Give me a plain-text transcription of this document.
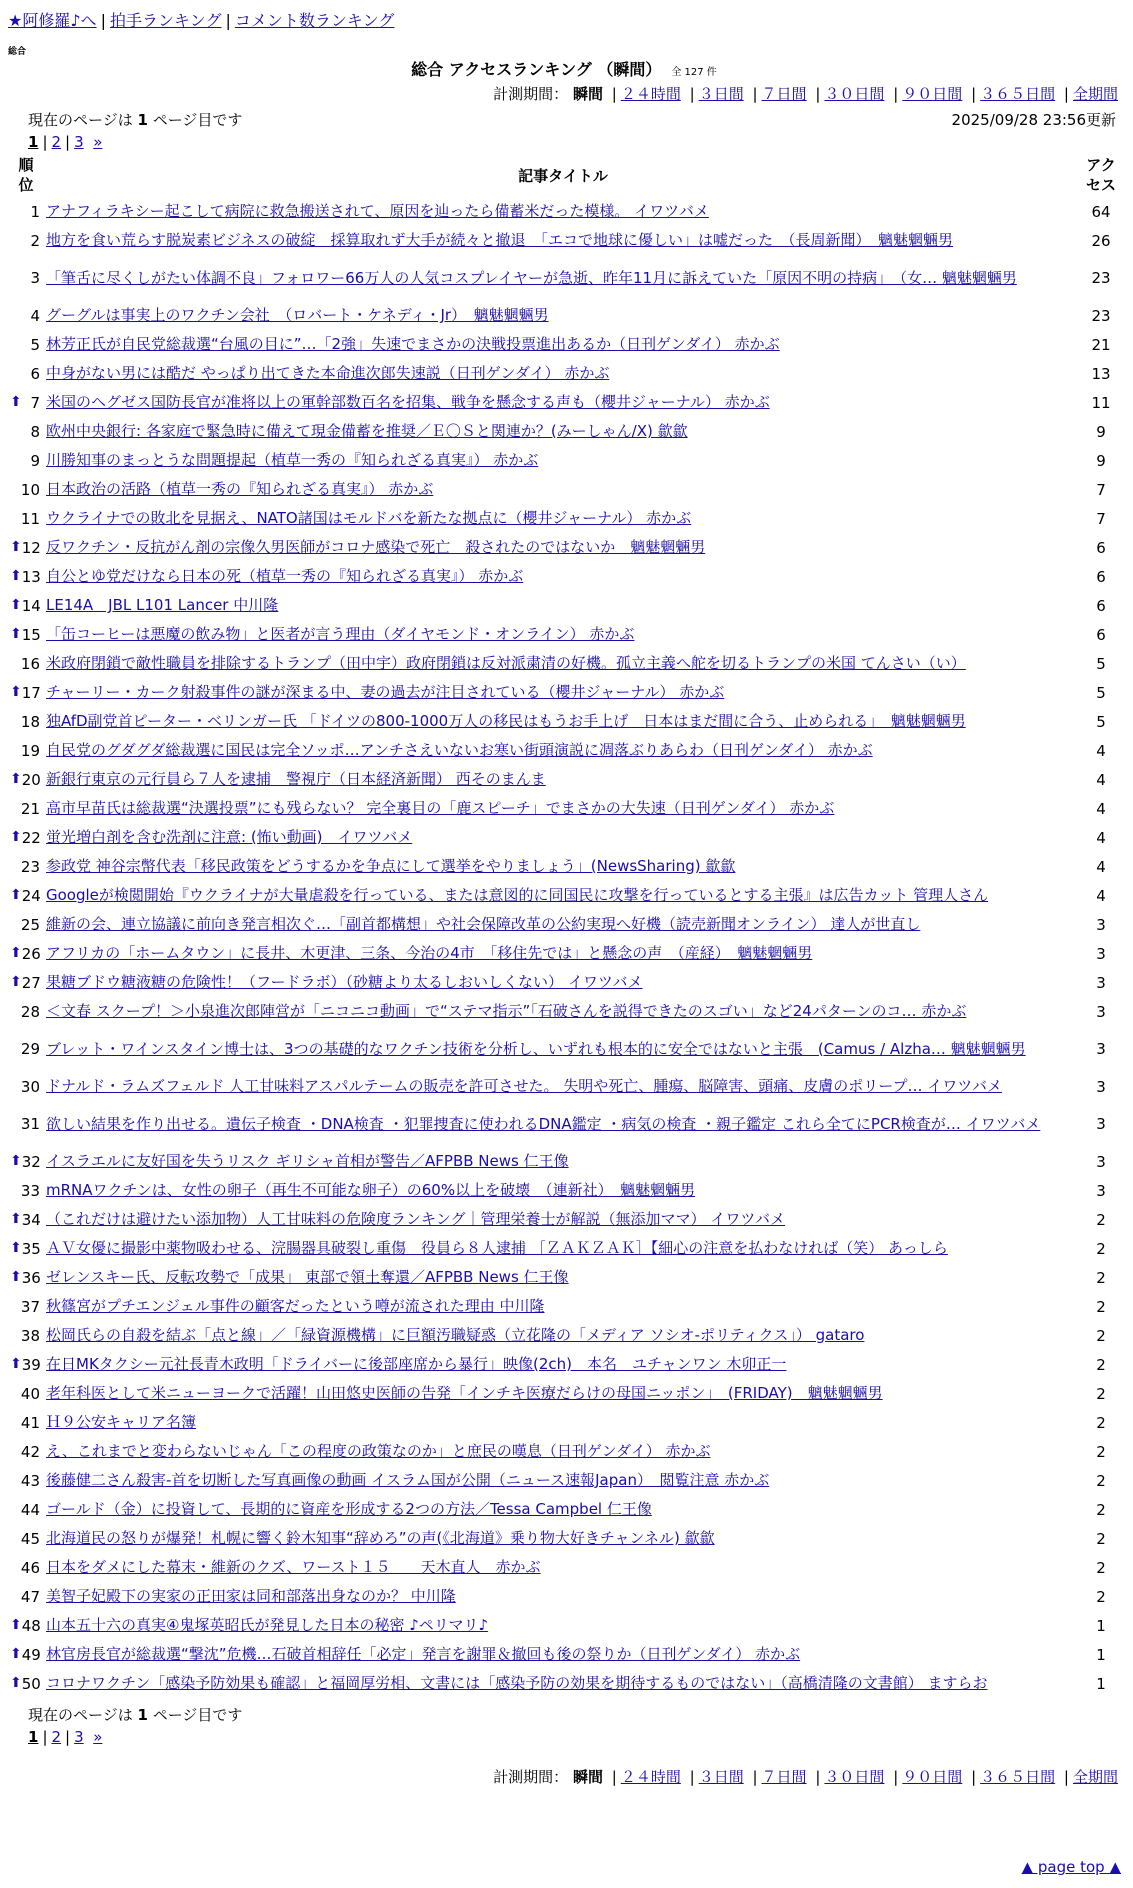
★阿修羅♪へ | 拍手ランキング | コメント数ランキング
総合
総合 アクセスランキング （瞬間） 全 127 件
計測期間： 瞬間 | ２４時間 | ３日間 | ７日間 | ３０日間 | ９０日間 | ３６５日間 | 全期間
現在のページは 1 ページ目です	2025/09/28 23:56更新
1 | 2 | 3 »
順位	記事タイトル	アクセス
1	アナフィラキシー起こして病院に救急搬送されて、原因を辿ったら備蓄米だった模様。 イワツバメ	64
2	地方を食い荒らす脱炭素ビジネスの破綻　採算取れず大手が続々と撤退　「エコで地球に優しい」は嘘だった　（長周新聞）　魑魅魍魎男	26
3	「筆舌に尽くしがたい体調不良」フォロワー66万人の人気コスプレイヤーが急逝、昨年11月に訴えていた「原因不明の持病」　（女… 魑魅魍魎男	23
4	グーグルは事実上のワクチン会社　（ロバート・ケネディ・Jr）　魑魅魍魎男	23
5	林芳正氏が自民党総裁選“台風の目に”…「2強」失速でまさかの決戦投票進出あるか（日刊ゲンダイ） 赤かぶ	21
6	中身がない男には酷だ やっぱり出てきた本命進次郎失速説（日刊ゲンダイ） 赤かぶ	13

⬆ 7	米国のヘグゼス国防長官が准将以上の軍幹部数百名を招集、戦争を懸念する声も（櫻井ジャーナル） 赤かぶ	11
8	欧州中央銀行: 各家庭で緊急時に備えて現金備蓄を推奨／Ｅ〇Ｓと関連か？(みーしゃん/X) 歙歙	9
9	川勝知事のまっとうな問題提起（植草一秀の『知られざる真実』） 赤かぶ	9
10	日本政治の活路（植草一秀の『知られざる真実』） 赤かぶ	7
11	ウクライナでの敗北を見据え、NATO諸国はモルドバを新たな拠点に（櫻井ジャーナル） 赤かぶ	7

⬆ 12	反ワクチン・反抗がん剤の宗像久男医師がコロナ感染で死亡　殺されたのではないか　魑魅魍魎男	6

⬆ 13	自公とゆ党だけなら日本の死（植草一秀の『知られざる真実』） 赤かぶ	6

⬆ 14	LE14A　JBL L101 Lancer 中川隆	6

⬆ 15	「缶コーヒーは悪魔の飲み物」と医者が言う理由（ダイヤモンド・オンライン） 赤かぶ	6
16	米政府閉鎖で敵性職員を排除するトランプ（田中宇）政府閉鎖は反対派粛清の好機。孤立主義へ舵を切るトランプの米国 てんさい（い）	5

⬆ 17	チャーリー・カーク射殺事件の謎が深まる中、妻の過去が注目されている（櫻井ジャーナル） 赤かぶ	5
18	独AfD副党首ピーター・ベリンガー氏 「ドイツの800-1000万人の移民はもうお手上げ　日本はまだ間に合う、止められる」　魑魅魍魎男	5
19	自民党のグダグダ総裁選に国民は完全ソッポ…アンチさえいないお寒い街頭演説に凋落ぶりあらわ（日刊ゲンダイ） 赤かぶ	4

⬆ 20	新銀行東京の元行員ら７人を逮捕　警視庁（日本経済新聞） 西そのまんま	4
21	高市早苗氏は総裁選“決選投票”にも残らない？ 完全裏目の「鹿スピーチ」でまさかの大失速（日刊ゲンダイ） 赤かぶ	4

⬆ 22	蛍光増白剤を含む洗剤に注意: (怖い動画)　イワツバメ	4
23	参政党 神谷宗幣代表「移民政策をどうするかを争点にして選挙をやりましょう」(NewsSharing) 歙歙	4

⬆ 24	Googleが検閲開始『ウクライナが大量虐殺を行っている、または意図的に同国民に攻撃を行っているとする主張』は広告カット 管理人さん	4
25	維新の会、連立協議に前向き発言相次ぐ…「副首都構想」や社会保障改革の公約実現へ好機（読売新聞オンライン） 達人が世直し	3

⬆ 26	アフリカの「ホームタウン」に長井、木更津、三条、今治の4市　「移住先では」と懸念の声　（産経）　魑魅魍魎男	3

⬆ 27	果糖ブドウ糖液糖の危険性！（フードラボ）（砂糖より太るしおいしくない） イワツバメ	3
28	＜文春 スクープ！＞小泉進次郎陣営が「ニコニコ動画」で“ステマ指示”「石破さんを説得できたのスゴい」など24パターンのコ… 赤かぶ	3
29	ブレット・ワインスタイン博士は、3つの基礎的なワクチン技術を分析し、いずれも根本的に安全ではないと主張　(Camus / Alzha… 魑魅魍魎男	3
30	ドナルド・ラムズフェルド 人工甘味料アスパルテームの販売を許可させた。 失明や死亡、腫瘍、脳障害、頭痛、皮膚のポリープ… イワツバメ	3
31	欲しい結果を作り出せる。遺伝子検査 ・DNA検査 ・犯罪捜査に使われるDNA鑑定 ・病気の検査 ・親子鑑定 これら全てにPCR検査が… イワツバメ	3

⬆ 32	イスラエルに友好国を失うリスク ギリシャ首相が警告／AFPBB News 仁王像	3
33	mRNAワクチンは、女性の卵子（再生不可能な卵子）の60%以上を破壊　（連新社）　魑魅魍魎男	3

⬆ 34	（これだけは避けたい添加物）人工甘味料の危険度ランキング｜管理栄養士が解説（無添加ママ） イワツバメ	2

⬆ 35	ＡＶ女優に撮影中薬物吸わせる、浣腸器具破裂し重傷　役員ら８人逮捕 ［ＺＡＫＺＡＫ］【細心の注意を払わなければ（笑） あっしら	2

⬆ 36	ゼレンスキー氏、反転攻勢で「成果」 東部で領土奪還／AFPBB News 仁王像	2
37	秋篠宮がプチエンジェル事件の顧客だったという噂が流された理由 中川隆	2
38	松岡氏らの自殺を結ぶ「点と線」／「緑資源機構」に巨額汚職疑惑（立花隆の「メディア ソシオ-ポリティクス」） gataro	2

⬆ 39	在日MKタクシー元社長青木政明「ドライバーに後部座席から暴行」映像(2ch)　本名　ユチャンワン 木卯正一	2
40	老年科医として米ニューヨークで活躍！山田悠史医師の告発「インチキ医療だらけの母国ニッポン」　(FRIDAY)　魑魅魍魎男	2
41	Ｈ９公安キャリア名簿	2
42	え、これまでと変わらないじゃん「この程度の政策なのか」と庶民の嘆息（日刊ゲンダイ） 赤かぶ	2
43	後藤健二さん殺害-首を切断した写真画像の動画 イスラム国が公開（ニュース速報Japan）　閲覧注意 赤かぶ	2
44	ゴールド（金）に投資して、長期的に資産を形成する2つの方法／Tessa Campbel 仁王像	2
45	北海道民の怒りが爆発！札幌に響く鈴木知事“辞めろ”の声(《北海道》乗り物大好きチャンネル) 歙歙	2
46	日本をダメにした幕末・維新のクズ、ワースト１５　　天木直人　赤かぶ	2
47	美智子妃殿下の実家の正田家は同和部落出身なのか？ 中川隆	2

⬆ 48	山本五十六の真実④鬼塚英昭氏が発見した日本の秘密 ♪ペリマリ♪	1

⬆ 49	林官房長官が総裁選“撃沈”危機…石破首相辞任「必定」発言を謝罪＆撤回も後の祭りか（日刊ゲンダイ） 赤かぶ	1

⬆ 50	コロナワクチン「感染予防効果も確認」と福岡厚労相、文書には「感染予防の効果を期待するものではない」（高橋清隆の文書館） ますらお	1
現在のページは 1 ページ目です
1 | 2 | 3 »
計測期間： 瞬間 | ２４時間 | ３日間 | ７日間 | ３０日間 | ９０日間 | ３６５日間 | 全期間
▲ page top ▲
